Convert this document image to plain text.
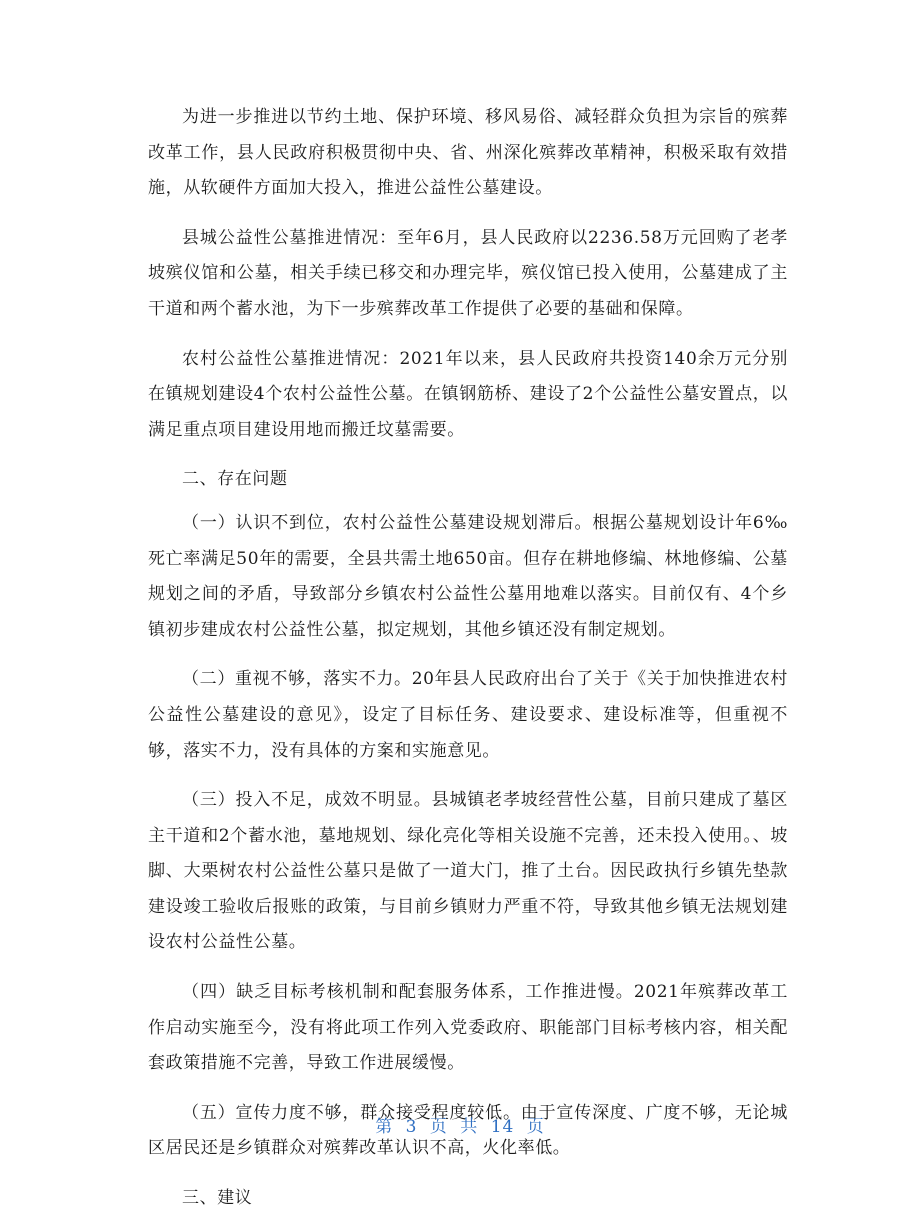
为进一步推进以节约土地、保护环境、移风易俗、减轻群众负担为宗旨的殡葬改革工作，县人民政府积极贯彻中央、省、州深化殡葬改革精神，积极采取有效措施，从软硬件方面加大投入，推进公益性公墓建设。

县城公益性公墓推进情况：至年6月，县人民政府以2236.58万元回购了老孝坡殡仪馆和公墓，相关手续已移交和办理完毕，殡仪馆已投入使用，公墓建成了主干道和两个蓄水池，为下一步殡葬改革工作提供了必要的基础和保障。

农村公益性公墓推进情况：2021年以来，县人民政府共投资140余万元分别在镇规划建设4个农村公益性公墓。在镇钢筋桥、建设了2个公益性公墓安置点，以满足重点项目建设用地而搬迁坟墓需要。

二、存在问题

（一）认识不到位，农村公益性公墓建设规划滞后。根据公墓规划设计年6‰死亡率满足50年的需要，全县共需土地650亩。但存在耕地修编、林地修编、公墓规划之间的矛盾，导致部分乡镇农村公益性公墓用地难以落实。目前仅有、4个乡镇初步建成农村公益性公墓，拟定规划，其他乡镇还没有制定规划。

（二）重视不够，落实不力。20年县人民政府出台了关于《关于加快推进农村公益性公墓建设的意见》，设定了目标任务、建设要求、建设标准等，但重视不够，落实不力，没有具体的方案和实施意见。

（三）投入不足，成效不明显。县城镇老孝坡经营性公墓，目前只建成了墓区主干道和2个蓄水池，墓地规划、绿化亮化等相关设施不完善，还未投入使用。、坡脚、大栗树农村公益性公墓只是做了一道大门，推了土台。因民政执行乡镇先垫款建设竣工验收后报账的政策，与目前乡镇财力严重不符，导致其他乡镇无法规划建设农村公益性公墓。

（四）缺乏目标考核机制和配套服务体系，工作推进慢。2021年殡葬改革工作启动实施至今，没有将此项工作列入党委政府、职能部门目标考核内容，相关配套政策措施不完善，导致工作进展缓慢。

（五）宣传力度不够，群众接受程度较低。由于宣传深度、广度不够，无论城区居民还是乡镇群众对殡葬改革认识不高，火化率低。

三、建议

第 3 页 共 14 页
